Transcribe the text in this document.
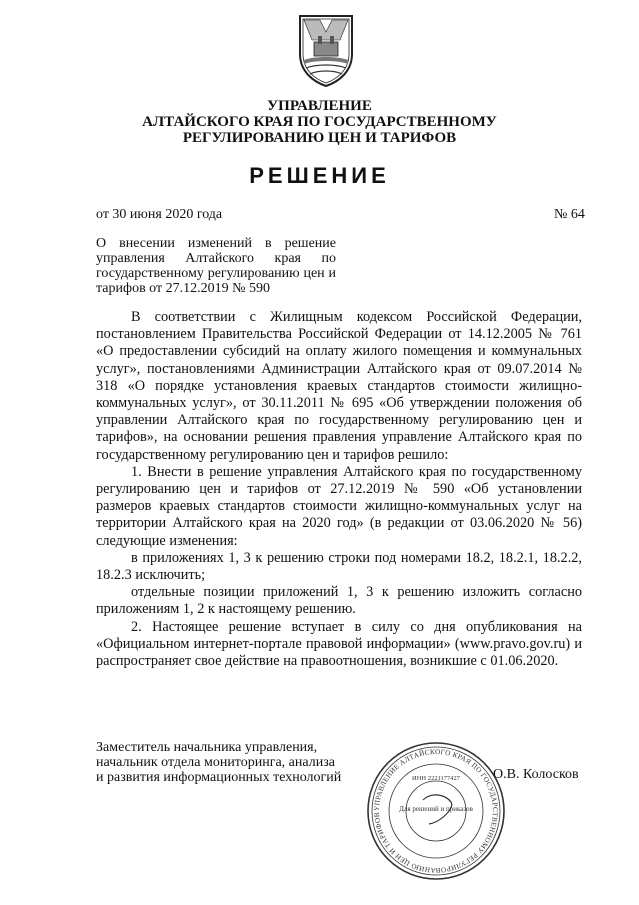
УПРАВЛЕНИЕ
АЛТАЙСКОГО КРАЯ ПО ГОСУДАРСТВЕННОМУ
РЕГУЛИРОВАНИЮ ЦЕН И ТАРИФОВ
РЕШЕНИЕ
от 30 июня 2020 года	№ 64
О внесении изменений в решение управления Алтайского края по государственному регулированию цен и тарифов от 27.12.2019 № 590

В соответствии с Жилищным кодексом Российской Федерации, постановлением Правительства Российской Федерации от 14.12.2005 № 761 «О предоставлении субсидий на оплату жилого помещения и коммунальных услуг», постановлениями Администрации Алтайского края от 09.07.2014 № 318 «О порядке установления краевых стандартов стоимости жилищно-коммунальных услуг», от 30.11.2011 № 695 «Об утверждении положения об управлении Алтайского края по государственному регулированию цен и тарифов», на основании решения правления управление Алтайского края по государственному регулированию цен и тарифов решило:

1. Внести в решение управления Алтайского края по государственному регулированию цен и тарифов от 27.12.2019 № 590 «Об установлении размеров краевых стандартов стоимости жилищно-коммунальных услуг на территории Алтайского края на 2020 год» (в редакции от 03.06.2020 № 56) следующие изменения:

в приложениях 1, 3 к решению строки под номерами 18.2, 18.2.1, 18.2.2, 18.2.3 исключить;

отдельные позиции приложений 1, 3 к решению изложить согласно приложениям 1, 2 к настоящему решению.

2. Настоящее решение вступает в силу со дня опубликования на «Официальном интернет-портале правовой информации» (www.pravo.gov.ru) и распространяет свое действие на правоотношения, возникшие с 01.06.2020.

Заместитель начальника управления,
начальник отдела мониторинга, анализа
и развития информационных технологий
УПРАВЛЕНИЕ АЛТАЙСКОГО КРАЯ ПО ГОСУДАРСТВЕННОМУ РЕГУЛИРОВАНИЮ ЦЕН И ТАРИФОВ
ИНН 2221177427
Для решений и приказов
О.В. Колосков
